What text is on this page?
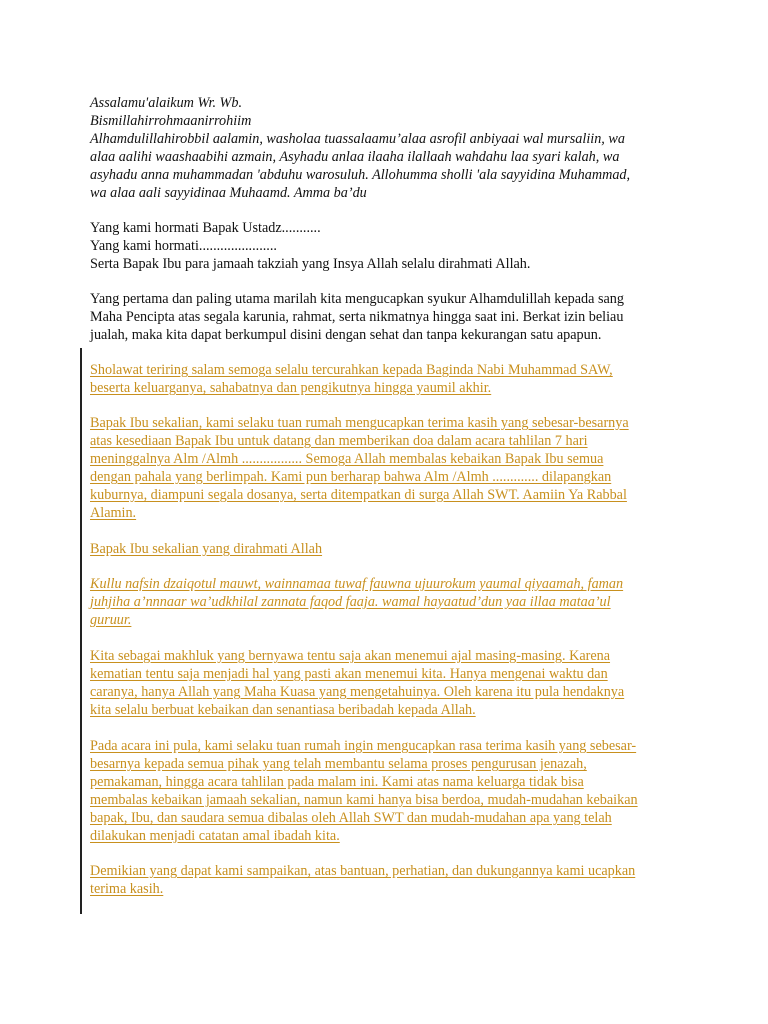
Assalamu'alaikum Wr. Wb.
Bismillahirrohmaanirrohiim
Alhamdulillahirobbil aalamin, washolaa tuassalaamu’alaa asrofil anbiyaai wal mursaliin, wa
alaa aalihi waashaabihi azmain, Asyhadu anlaa ilaaha ilallaah wahdahu laa syari kalah, wa
asyhadu anna muhammadan 'abduhu warosuluh. Allohumma sholli 'ala sayyidina Muhammad,
wa alaa aali sayyidinaa Muhaamd. Amma ba’du
Yang kami hormati Bapak Ustadz...........
Yang kami hormati......................
Serta Bapak Ibu para jamaah takziah yang Insya Allah selalu dirahmati Allah.
Yang pertama dan paling utama marilah kita mengucapkan syukur Alhamdulillah kepada sang
Maha Pencipta atas segala karunia, rahmat, serta nikmatnya hingga saat ini. Berkat izin beliau
jualah, maka kita dapat berkumpul disini dengan sehat dan tanpa kekurangan satu apapun.
Sholawat teriring salam semoga selalu tercurahkan kepada Baginda Nabi Muhammad SAW,
beserta keluarganya, sahabatnya dan pengikutnya hingga yaumil akhir.
Bapak Ibu sekalian, kami selaku tuan rumah mengucapkan terima kasih yang sebesar-besarnya
atas kesediaan Bapak Ibu untuk datang dan memberikan doa dalam acara tahlilan 7 hari
meninggalnya Alm /Almh ................. Semoga Allah membalas kebaikan Bapak Ibu semua
dengan pahala yang berlimpah. Kami pun berharap bahwa Alm /Almh ............. dilapangkan
kuburnya, diampuni segala dosanya, serta ditempatkan di surga Allah SWT. Aamiin Ya Rabbal
Alamin.
Bapak Ibu sekalian yang dirahmati Allah
Kullu nafsin dzaiqotul mauwt, wainnamaa tuwaf fauwna ujuurokum yaumal qiyaamah, faman
juhjiha a’nnnaar wa’udkhilal zannata faqod faaja. wamal hayaatud’dun yaa illaa mataa’ul
guruur.
Kita sebagai makhluk yang bernyawa tentu saja akan menemui ajal masing-masing. Karena
kematian tentu saja menjadi hal yang pasti akan menemui kita. Hanya mengenai waktu dan
caranya, hanya Allah yang Maha Kuasa yang mengetahuinya. Oleh karena itu pula hendaknya
kita selalu berbuat kebaikan dan senantiasa beribadah kepada Allah.
Pada acara ini pula, kami selaku tuan rumah ingin mengucapkan rasa terima kasih yang sebesar-
besarnya kepada semua pihak yang telah membantu selama proses pengurusan jenazah,
pemakaman, hingga acara tahlilan pada malam ini. Kami atas nama keluarga tidak bisa
membalas kebaikan jamaah sekalian, namun kami hanya bisa berdoa, mudah-mudahan kebaikan
bapak, Ibu, dan saudara semua dibalas oleh Allah SWT dan mudah-mudahan apa yang telah
dilakukan menjadi catatan amal ibadah kita.
Demikian yang dapat kami sampaikan, atas bantuan, perhatian, dan dukungannya kami ucapkan
terima kasih.
